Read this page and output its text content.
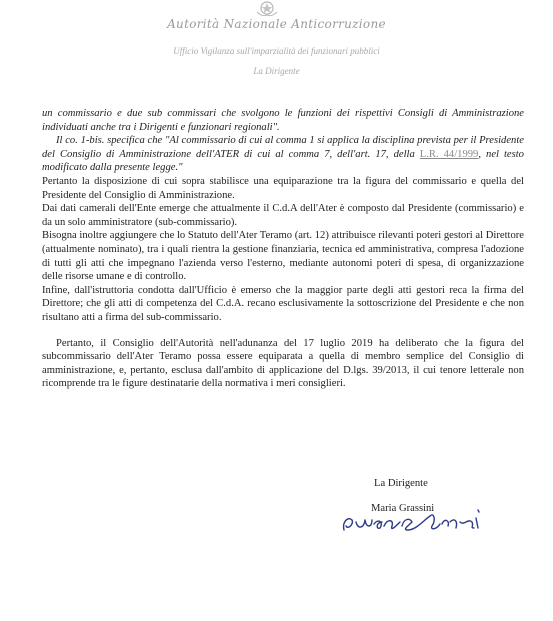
Autorità Nazionale Anticorruzione
Ufficio Vigilanza sull'imparzialità dei funzionari pubblici
La Dirigente

un commissario e due sub commissari che svolgono le funzioni dei rispettivi Consigli di Amministrazione individuati anche tra i Dirigenti e funzionari regionali".

Il co. 1-bis. specifica che "Al commissario di cui al comma 1 si applica la disciplina prevista per il Presidente del Consiglio di Amministrazione dell'ATER di cui al comma 7, dell'art. 17, della L.R. 44/1999, nel testo modificato dalla presente legge."

Pertanto la disposizione di cui sopra stabilisce una equiparazione tra la figura del commissario e quella del Presidente del Consiglio di Amministrazione.

Dai dati camerali dell'Ente emerge che attualmente il C.d.A dell'Ater è composto dal Presidente (commissario) e da un solo amministratore (sub-commissario).

Bisogna inoltre aggiungere che lo Statuto dell'Ater Teramo (art. 12) attribuisce rilevanti poteri gestori al Direttore (attualmente nominato), tra i quali rientra la gestione finanziaria, tecnica ed amministrativa, compresa l'adozione di tutti gli atti che impegnano l'azienda verso l'esterno, mediante autonomi poteri di spesa, di organizzazione delle risorse umane e di controllo.

Infine, dall'istruttoria condotta dall'Ufficio è emerso che la maggior parte degli atti gestori reca la firma del Direttore; che gli atti di competenza del C.d.A. recano esclusivamente la sottoscrizione del Presidente e che non risultano atti a firma del sub-commissario.

Pertanto, il Consiglio dell'Autorità nell'adunanza del 17 luglio 2019 ha deliberato che la figura del subcommissario dell'Ater Teramo possa essere equiparata a quella di membro semplice del Consiglio di amministrazione, e, pertanto, esclusa dall'ambito di applicazione del D.lgs. 39/2013, il cui tenore letterale non ricomprende tra le figure destinatarie della normativa i meri consiglieri.

La Dirigente
Maria Grassini
